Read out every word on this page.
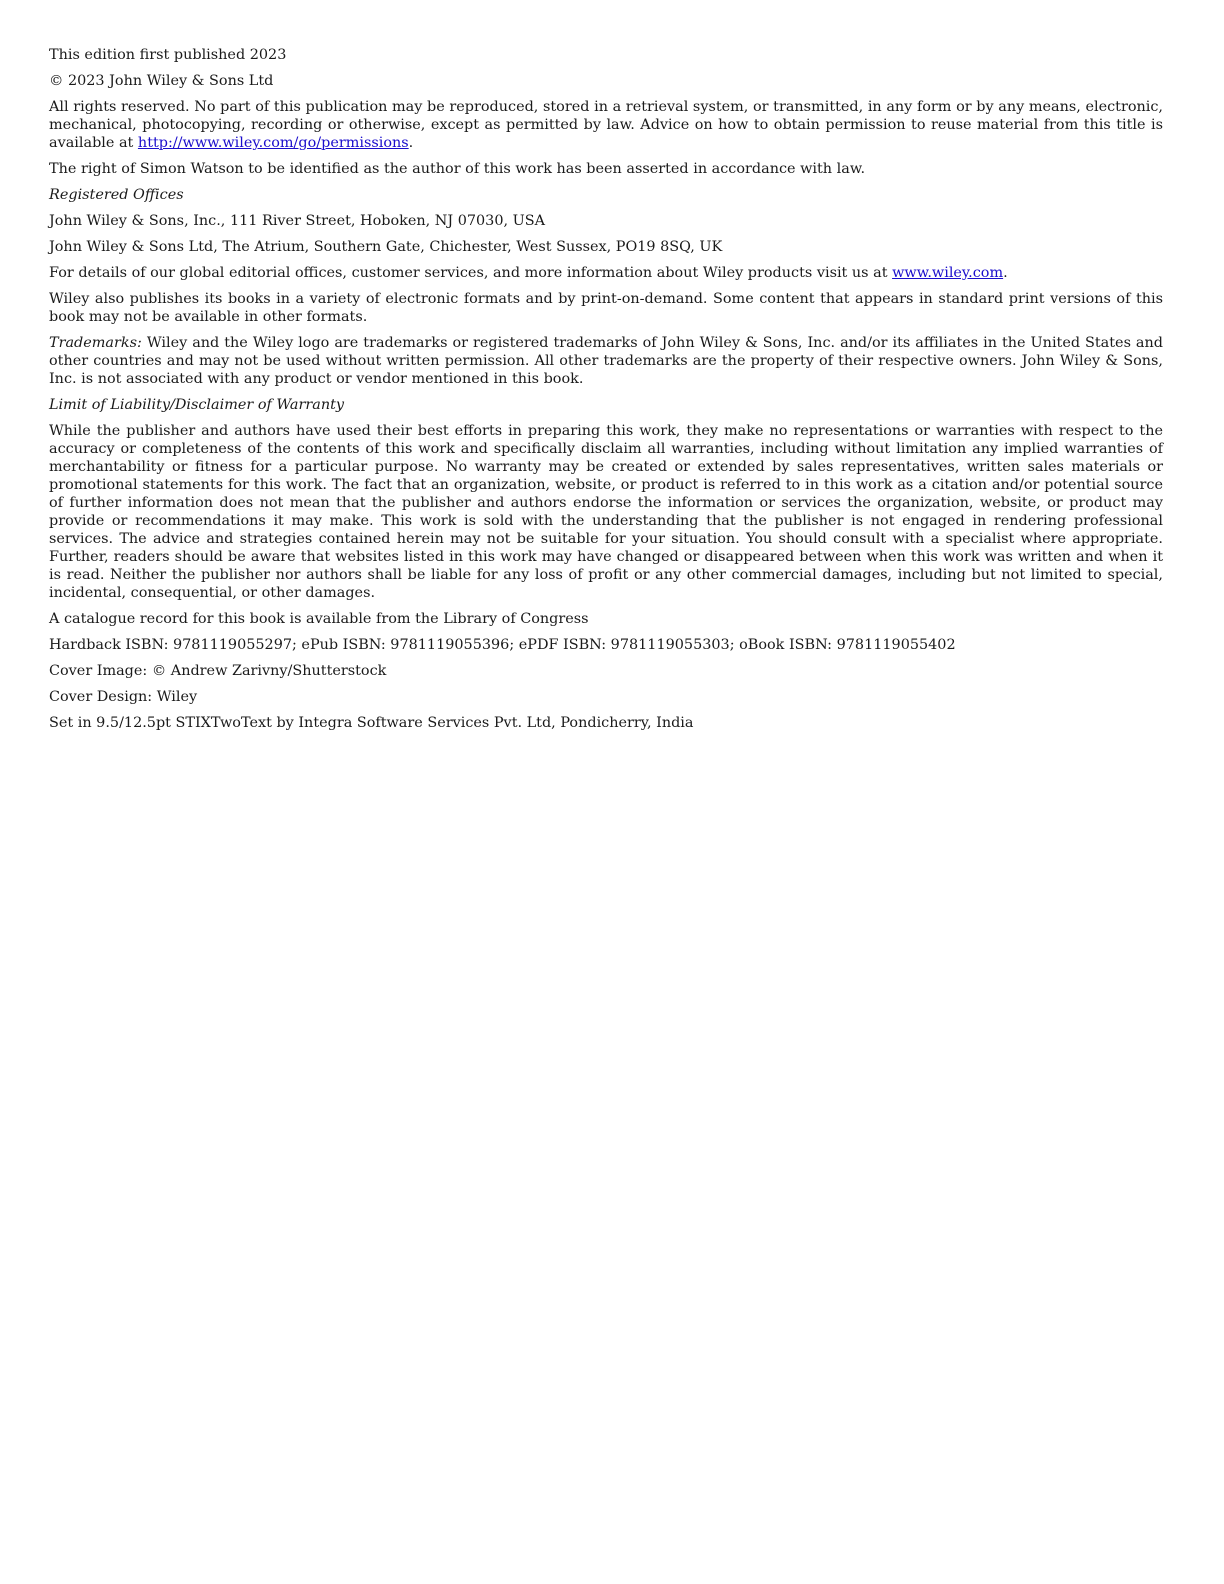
This edition first published 2023

© 2023 John Wiley & Sons Ltd

All rights reserved. No part of this publication may be reproduced, stored in a retrieval system, or transmitted, in any form or by any means, electronic, mechanical, photocopying, recording or otherwise, except as permitted by law. Advice on how to obtain permission to reuse material from this title is available at http://www.wiley.com/go/permissions.

The right of Simon Watson to be identified as the author of this work has been asserted in accordance with law.

Registered Offices

John Wiley & Sons, Inc., 111 River Street, Hoboken, NJ 07030, USA

John Wiley & Sons Ltd, The Atrium, Southern Gate, Chichester, West Sussex, PO19 8SQ, UK

For details of our global editorial offices, customer services, and more information about Wiley products visit us at www.wiley.com.

Wiley also publishes its books in a variety of electronic formats and by print-on-demand. Some content that appears in standard print versions of this book may not be available in other formats.

Trademarks: Wiley and the Wiley logo are trademarks or registered trademarks of John Wiley & Sons, Inc. and/or its affiliates in the United States and other countries and may not be used without written permission. All other trademarks are the property of their respective owners. John Wiley & Sons, Inc. is not associated with any product or vendor mentioned in this book.

Limit of Liability/Disclaimer of Warranty

While the publisher and authors have used their best efforts in preparing this work, they make no representations or warranties with respect to the accuracy or completeness of the contents of this work and specifically disclaim all warranties, including without limitation any implied warranties of merchantability or fitness for a particular purpose. No warranty may be created or extended by sales representatives, written sales materials or promotional statements for this work. The fact that an organization, website, or product is referred to in this work as a citation and/or potential source of further information does not mean that the publisher and authors endorse the information or services the organization, website, or product may provide or recommendations it may make. This work is sold with the understanding that the publisher is not engaged in rendering professional services. The advice and strategies contained herein may not be suitable for your situation. You should consult with a specialist where appropriate. Further, readers should be aware that websites listed in this work may have changed or disappeared between when this work was written and when it is read. Neither the publisher nor authors shall be liable for any loss of profit or any other commercial damages, including but not limited to special, incidental, consequential, or other damages.

A catalogue record for this book is available from the Library of Congress

Hardback ISBN: 9781119055297; ePub ISBN: 9781119055396; ePDF ISBN: 9781119055303; oBook ISBN: 9781119055402

Cover Image: © Andrew Zarivny/Shutterstock

Cover Design: Wiley

Set in 9.5/12.5pt STIXTwoText by Integra Software Services Pvt. Ltd, Pondicherry, India
